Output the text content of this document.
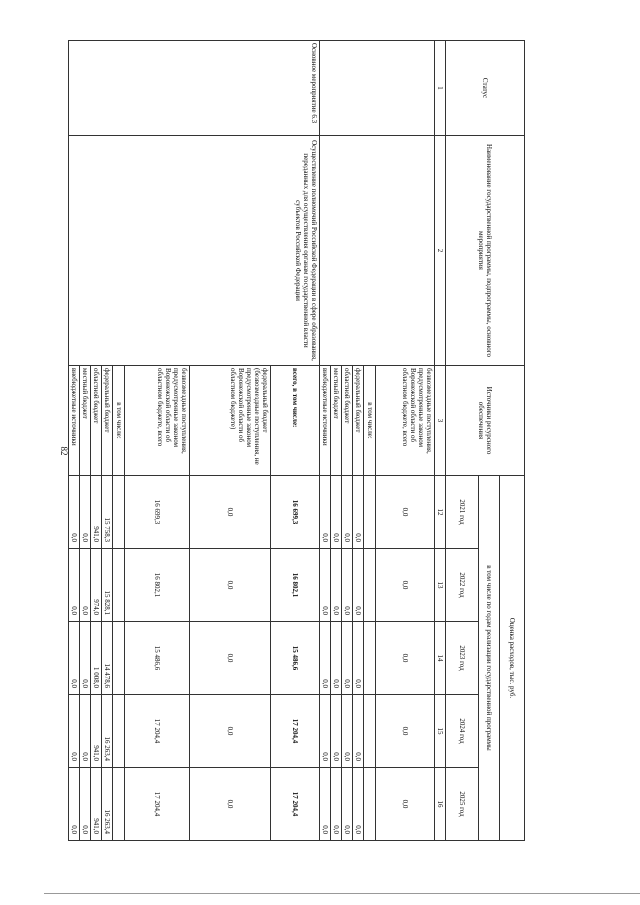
82
Статус	Наименование государственной программы, подпрограммы, основного мероприятия	Источники ресурсного обеспечения	Оценка расходов, тыс. руб.				
			в том числе по годам реализации государственной программы				
			2021 год	2022 год	2023 год	2024 год	2025 год
1	2	3	12	13	14	15	16
		безвозмездные поступления, предусмотренные законом Воронежской области об областном бюджете, всего	0,0	0,0	0,0	0,0	0,0
		в том числе:					
		федеральный бюджет	0,0	0,0	0,0	0,0	0,0
		областной бюджет	0,0	0,0	0,0	0,0	0,0
		местный бюджет	0,0	0,0	0,0	0,0	0,0
		внебюджетные источники	0,0	0,0	0,0	0,0	0,0
Основное мероприятие 6.3	Осуществление полномочий Российской Федерации в сфере образования, переданных для осуществления органам государственной власти субъектов Российской Федерации	всего, в том числе:	16 699,3	16 802,1	15 486,6	17 204,4	17 204,4
		федеральный бюджет (безвозмездные поступления, не предусмотренные законом Воронежской области об областном бюджете)	0,0	0,0	0,0	0,0	0,0
		безвозмездные поступления, предусмотренные законом Воронежской области об областном бюджете, всего	16 699,3	16 802,1	15 486,6	17 204,4	17 204,4
		в том числе:					
		федеральный бюджет	15 758,3	15 828,1	14 478,6	16 263,4	16 263,4
		областной бюджет	941,0	974,0	1 008,0	941,0	941,0
		местный бюджет	0,0	0,0	0,0	0,0	0,0
		внебюджетные источники	0,0	0,0	0,0	0,0	0,0
